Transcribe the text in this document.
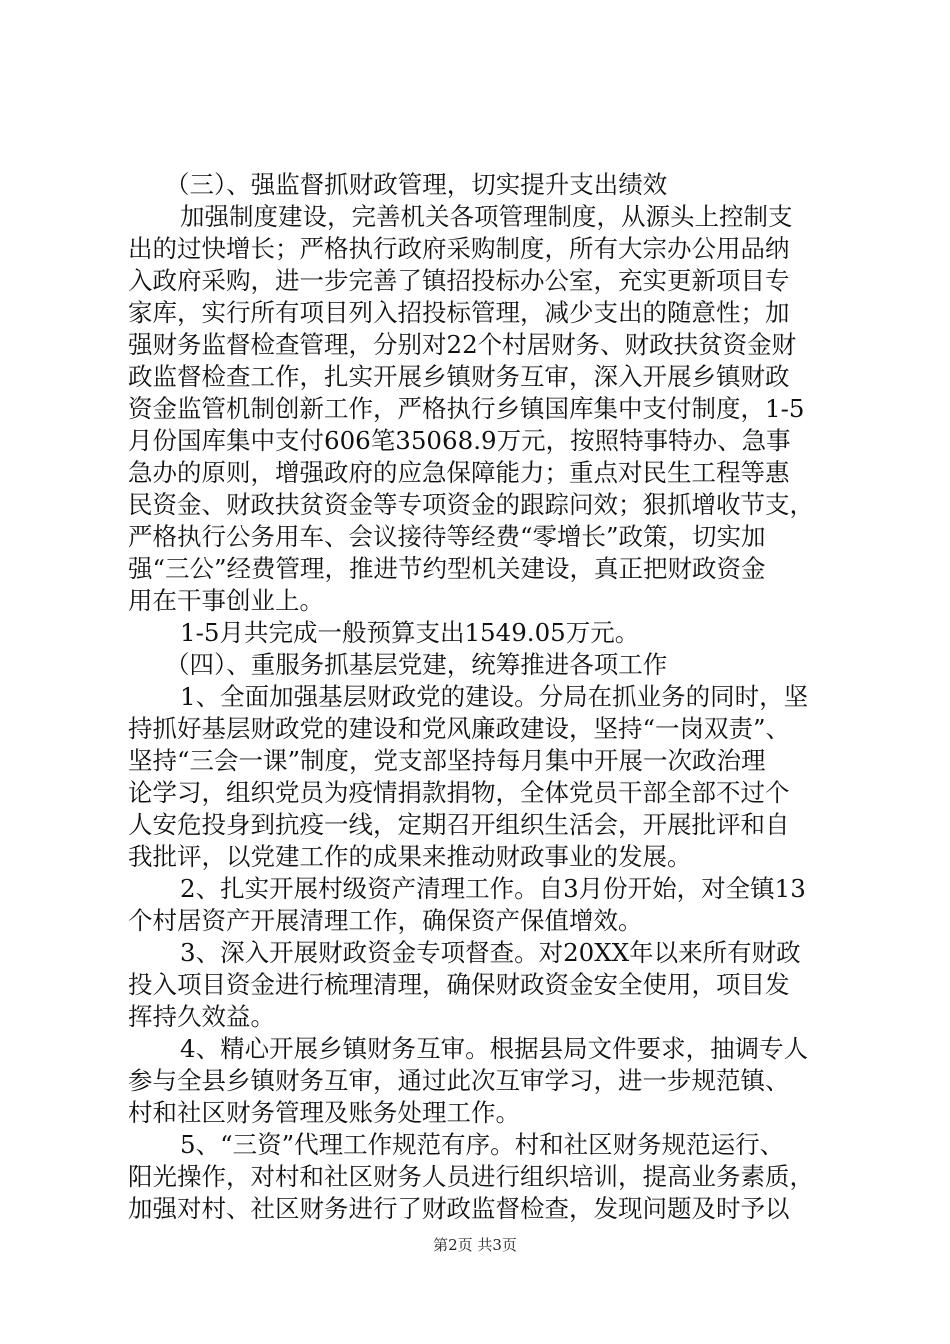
（三）、强监督抓财政管理，切实提升支出绩效
加强制度建设，完善机关各项管理制度，从源头上控制支
出的过快增长；严格执行政府采购制度，所有大宗办公用品纳
入政府采购，进一步完善了镇招投标办公室，充实更新项目专
家库，实行所有项目列入招投标管理，减少支出的随意性；加
强财务监督检查管理，分别对22个村居财务、财政扶贫资金财
政监督检查工作，扎实开展乡镇财务互审，深入开展乡镇财政
资金监管机制创新工作，严格执行乡镇国库集中支付制度，1-5
月份国库集中支付606笔35068.9万元，按照特事特办、急事
急办的原则，增强政府的应急保障能力；重点对民生工程等惠
民资金、财政扶贫资金等专项资金的跟踪问效；狠抓增收节支，
严格执行公务用车、会议接待等经费“零增长”政策，切实加
强“三公”经费管理，推进节约型机关建设，真正把财政资金
用在干事创业上。
1-5月共完成一般预算支出1549.05万元。
（四）、重服务抓基层党建，统筹推进各项工作
1、全面加强基层财政党的建设。分局在抓业务的同时，坚
持抓好基层财政党的建设和党风廉政建设，坚持“一岗双责”、
坚持“三会一课”制度，党支部坚持每月集中开展一次政治理
论学习，组织党员为疫情捐款捐物，全体党员干部全部不过个
人安危投身到抗疫一线，定期召开组织生活会，开展批评和自
我批评，以党建工作的成果来推动财政事业的发展。
2、扎实开展村级资产清理工作。自3月份开始，对全镇13
个村居资产开展清理工作，确保资产保值增效。
3、深入开展财政资金专项督查。对20XX年以来所有财政
投入项目资金进行梳理清理，确保财政资金安全使用，项目发
挥持久效益。
4、精心开展乡镇财务互审。根据县局文件要求，抽调专人
参与全县乡镇财务互审，通过此次互审学习，进一步规范镇、
村和社区财务管理及账务处理工作。
5、“三资”代理工作规范有序。村和社区财务规范运行、
阳光操作，对村和社区财务人员进行组织培训，提高业务素质，
加强对村、社区财务进行了财政监督检查，发现问题及时予以
第2页 共3页
